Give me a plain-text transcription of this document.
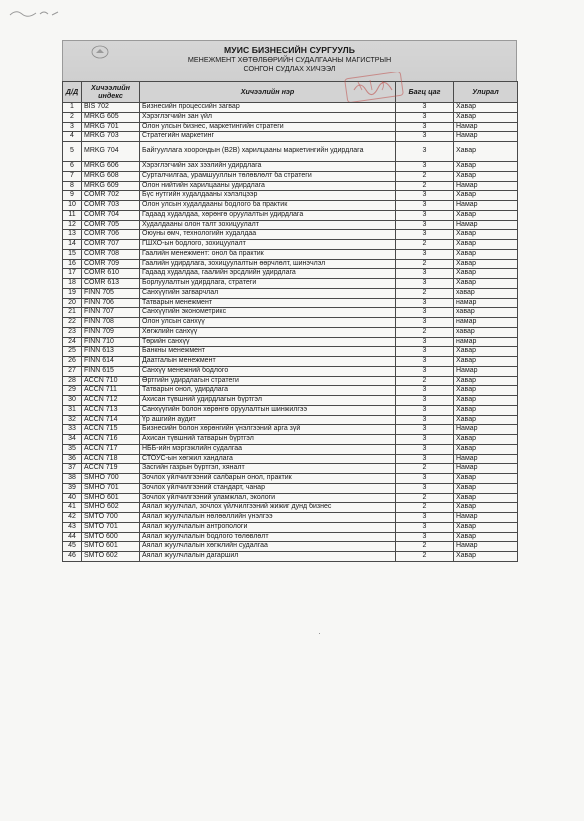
МУИС БИЗНЕСИЙН СУРГУУЛЬ
МЕНЕЖМЕНТ ХӨТӨЛБӨРИЙН СУДАЛГААНЫ МАГИСТРЫН
СОНГОН СУДЛАХ ХИЧЭЭЛ
Д/Д	Хичээлийн индекс	Хичээлийн нэр	Багц цаг	Улирал
1	BIS 702	Бизнесийн процессийн загвар	3	Хавар
2	MRKG 605	Хэрэглэгчийн зан үйл	3	Хавар
3	MRKG 701	Олон улсын бизнес, маркетингийн стратеги	3	Намар
4	MRKG 703	Стратегийн маркетинг	3	Намар
5	MRKG 704	Байгууллага хоорондын (B2B) харилцааны маркетингийн удирдлага	3	Хавар
6	MRKG 606	Хэрэглэгчийн зах зээлийн удирдлага	3	Хавар
7	MRKG 608	Сурталчилгаа, урамшууллын төлөвлөлт ба стратеги	2	Хавар
8	MRKG 609	Олон нийтийн харилцааны удирдлага	2	Намар
9	COMR 702	Бүс нутгийн худалдааны хэлэлцээр	3	Хавар
10	COMR 703	Олон улсын худалдааны бодлого ба практик	3	Намар
11	COMR 704	Гадаад худалдаа, хөрөнгө оруулалтын удирдлага	3	Хавар
12	COMR 705	Худалдааны олон талт зохицуулалт	3	Намар
13	COMR 706	Оюуны өмч, технологийн худалдаа	3	Хавар
14	COMR 707	ГШХО-ын бодлого, зохицуулалт	2	Хавар
15	COMR 708	Гаалийн менежмент: онол ба практик	3	Хавар
16	COMR 709	Гаалийн удирдлага, зохицуулалтын өөрчлөлт, шинэчлэл	2	Хавар
17	COMR 610	Гадаад худалдаа, гаалийн эрсдлийн удирдлага	3	Хавар
18	COMR 613	Борлуулалтын удирдлага, стратеги	3	Хавар
19	FINN 705	Санхүүгийн загварчлал	2	хавар
20	FINN 706	Татварын менежмент	3	намар
21	FINN 707	Санхүүгийн эконометрикс	3	хавар
22	FINN 708	Олон улсын санхүү	3	намар
23	FINN 709	Хөгжлийн санхүү	2	хавар
24	FINN 710	Төрийн санхүү	3	намар
25	FINN 613	Банкны менежмент	3	Хавар
26	FINN 614	Даатгалын менежмент	3	Хавар
27	FINN 615	Санхүү менежний бодлого	3	Намар
28	ACCN 710	Өртгийн удирдлагын стратеги	2	Хавар
29	ACCN 711	Татварын онол, удирдлага	3	Хавар
30	ACCN 712	Ахисан түвшний удирдлагын бүртгэл	3	Хавар
31	ACCN 713	Санхүүгийн болон хөрөнгө оруулалтын шинжилгээ	3	Хавар
32	ACCN 714	Үр ашгийн аудит	3	Хавар
33	ACCN 715	Бизнесийн болон хөрөнгийн үнэлгээний арга зүй	3	Намар
34	ACCN 716	Ахисан түвшний татварын бүртгэл	3	Хавар
35	ACCN 717	НББ-ийн мэргэжлийн судалгаа	3	Хавар
36	ACCN 718	СТОУС-ын хөгжил хандлага	3	Намар
37	ACCN 719	Засгийн газрын бүртгэл, хяналт	2	Намар
38	SMHO 700	Зочлох үйлчилгээний салбарын онол, практик	3	Хавар
39	SMHO 701	Зочлох үйлчилгээний стандарт, чанар	3	Хавар
40	SMHO 601	Зочлох үйлчилгээний уламжлал, экологи	2	Хавар
41	SMHO 602	Аялал жуулчлал, зочлох үйлчилгээний жижиг дунд бизнес	2	Хавар
42	SMTO 700	Аялал жуулчлалын нөлөөллийн үнэлгээ	3	Намар
43	SMTO 701	Аялал жуулчлалын антропологи	3	Хавар
44	SMTO 600	Аялал жуулчлалын бодлого төлөвлөлт	3	Хавар
45	SMTO 601	Аялал жуулчлалын хөгжлийн судалгаа	2	Намар
46	SMTO 602	Аялал жуулчлалын дагаршил	2	Хавар
·
